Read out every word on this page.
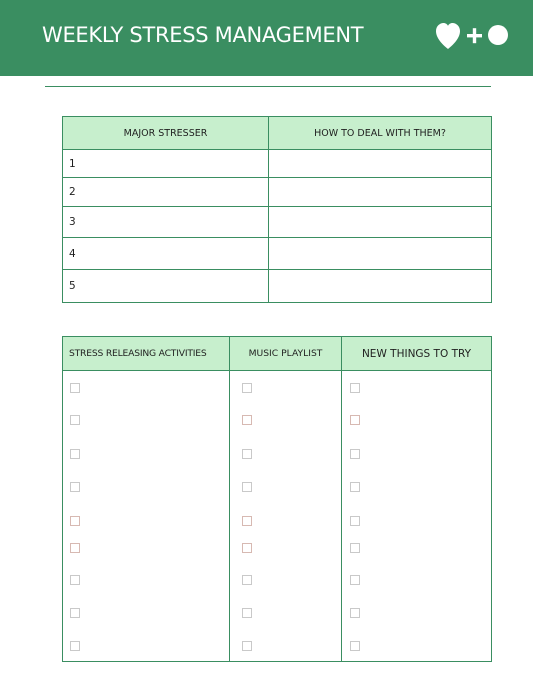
WEEKLY STRESS MANAGEMENT
MAJOR STRESSER	HOW TO DEAL WITH THEM?
1	
2	
3	
4	
5	
STRESS RELEASING ACTIVITIES	MUSIC PLAYLIST	NEW THINGS TO TRY
